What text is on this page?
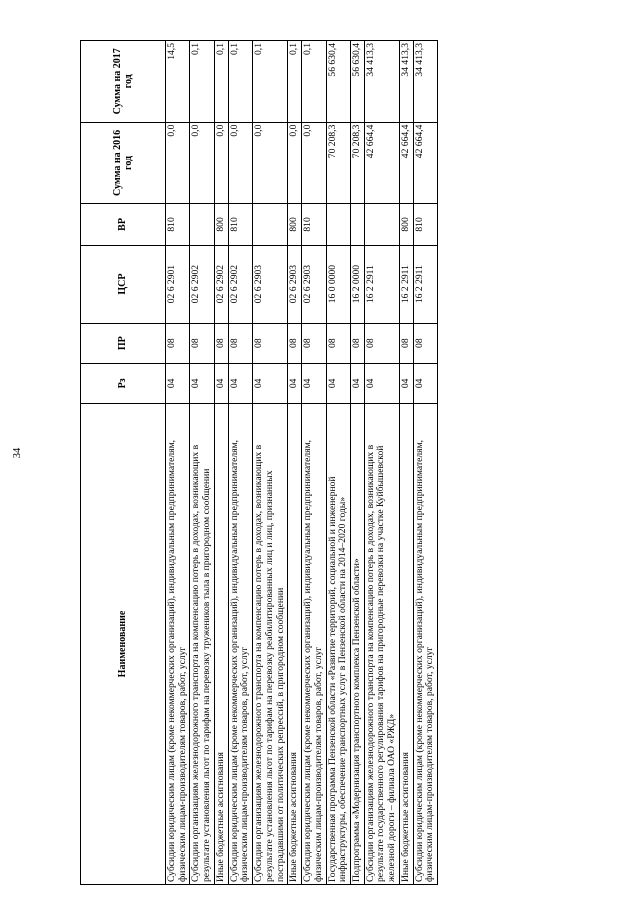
34
Наименование	Рз	ПР	ЦСР	ВР	Сумма на 2016 год	Сумма на 2017 год
Субсидии юридическим лицам (кроме некоммерческих организаций), индивидуальным предпринимателям, физическим лицам-производителям товаров, работ, услуг	04	08	02 6 2901	810	0,0	14,5
Субсидии организациям железнодорожного транспорта на компенсацию потерь в доходах, возникающих в результате установления льгот по тарифам на перевозку тружеников тыла в пригородном сообщении	04	08	02 6 2902		0,0	0,1
Иные бюджетные ассигнования	04	08	02 6 2902	800	0,0	0,1
Субсидии юридическим лицам (кроме некоммерческих организаций), индивидуальным предпринимателям, физическим лицам-производителям товаров, работ, услуг	04	08	02 6 2902	810	0,0	0,1
Субсидии организациям железнодорожного транспорта на компенсацию потерь в доходах, возникающих в результате установления льгот по тарифам на перевозку реабилитированных лиц и лиц, признанных пострадавшими от политических репрессий, в пригородном сообщении	04	08	02 6 2903		0,0	0,1
Иные бюджетные ассигнования	04	08	02 6 2903	800	0,0	0,1
Субсидии юридическим лицам (кроме некоммерческих организаций), индивидуальным предпринимателям, физическим лицам-производителям товаров, работ, услуг	04	08	02 6 2903	810	0,0	0,1
Государственная программа Пензенской области «Развитие территорий, социальной и инженерной инфраструктуры, обеспечение транспортных услуг в Пензенской области на 2014–2020 годы»	04	08	16 0 0000		70 208,3	56 630,4
Подпрограмма «Модернизация транспортного комплекса Пензенской области»	04	08	16 2 0000		70 208,3	56 630,4
Субсидии организациям железнодорожного транспорта на компенсацию потерь в доходах, возникающих в результате государственного регулирования тарифов на пригородные перевозки на участке Куйбышевской железной дороги – филиала ОАО «РЖД»	04	08	16 2 2911		42 664,4	34 413,3
Иные бюджетные ассигнования	04	08	16 2 2911	800	42 664,4	34 413,3
Субсидии юридическим лицам (кроме некоммерческих организаций), индивидуальным предпринимателям, физическим лицам-производителям товаров, работ, услуг	04	08	16 2 2911	810	42 664,4	34 413,3
